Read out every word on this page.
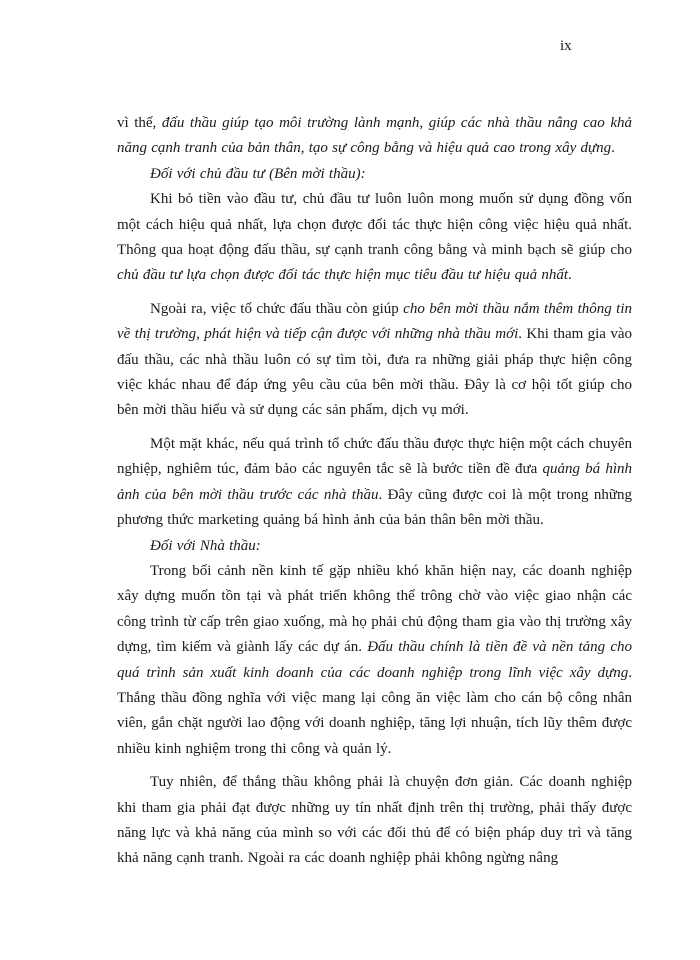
ix

vì thế, đấu thầu giúp tạo môi trường lành mạnh, giúp các nhà thầu nâng cao khả năng cạnh tranh của bản thân, tạo sự công bằng và hiệu quả cao trong xây dựng.

Đối với chủ đầu tư (Bên mời thầu):

Khi bỏ tiền vào đầu tư, chủ đầu tư luôn luôn mong muốn sử dụng đồng vốn một cách hiệu quả nhất, lựa chọn được đối tác thực hiện công việc hiệu quả nhất. Thông qua hoạt động đấu thầu, sự cạnh tranh công bằng và minh bạch sẽ giúp cho chủ đầu tư lựa chọn được đối tác thực hiện mục tiêu đầu tư hiệu quả nhất.

Ngoài ra, việc tổ chức đấu thầu còn giúp cho bên mời thầu nắm thêm thông tin về thị trường, phát hiện và tiếp cận được với những nhà thầu mới. Khi tham gia vào đấu thầu, các nhà thầu luôn có sự tìm tòi, đưa ra những giải pháp thực hiện công việc khác nhau để đáp ứng yêu cầu của bên mời thầu. Đây là cơ hội tốt giúp cho bên mời thầu hiểu và sử dụng các sản phẩm, dịch vụ mới.

Một mặt khác, nếu quá trình tổ chức đấu thầu được thực hiện một cách chuyên nghiệp, nghiêm túc, đảm bảo các nguyên tắc sẽ là bước tiền đề đưa quảng bá hình ảnh của bên mời thầu trước các nhà thầu. Đây cũng được coi là một trong những phương thức marketing quảng bá hình ảnh của bản thân bên mời thầu.

Đối với Nhà thầu:

Trong bối cảnh nền kinh tế gặp nhiều khó khăn hiện nay, các doanh nghiệp xây dựng muốn tồn tại và phát triển không thể trông chờ vào việc giao nhận các công trình từ cấp trên giao xuống, mà họ phải chủ động tham gia vào thị trường xây dựng, tìm kiếm và giành lấy các dự án. Đấu thầu chính là tiền đề và nền tảng cho quá trình sản xuất kinh doanh của các doanh nghiệp trong lĩnh việc xây dựng. Thắng thầu đồng nghĩa với việc mang lại công ăn việc làm cho cán bộ công nhân viên, gắn chặt người lao động với doanh nghiệp, tăng lợi nhuận, tích lũy thêm được nhiều kinh nghiệm trong thi công và quản lý.

Tuy nhiên, để thắng thầu không phải là chuyện đơn giản. Các doanh nghiệp khi tham gia phải đạt được những uy tín nhất định trên thị trường, phải thấy được năng lực và khả năng của mình so với các đối thủ để có biện pháp duy trì và tăng khả năng cạnh tranh. Ngoài ra các doanh nghiệp phải không ngừng nâng
